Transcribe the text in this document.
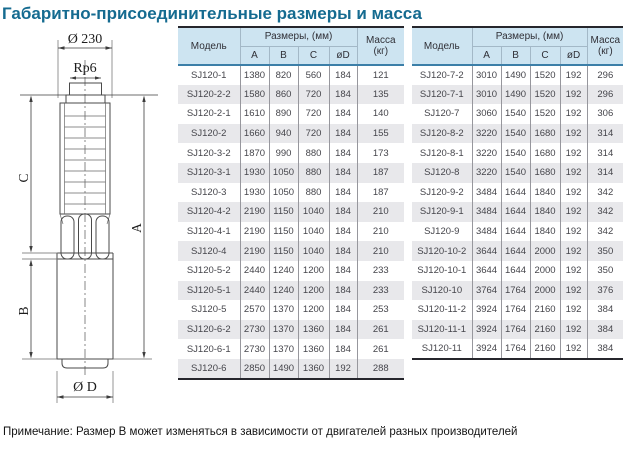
Габаритно-присоединительные размеры и масса
Ø 230
Rp6
C
B
A
Ø D
Модель	Размеры, (мм)				Масса
(кг)
	A	B	C	øD	
SJ120-1	1380	820	560	184	121
SJ120-2-2	1580	860	720	184	135
SJ120-2-1	1610	890	720	184	140
SJ120-2	1660	940	720	184	155
SJ120-3-2	1870	990	880	184	173
SJ120-3-1	1930	1050	880	184	187
SJ120-3	1930	1050	880	184	187
SJ120-4-2	2190	1150	1040	184	210
SJ120-4-1	2190	1150	1040	184	210
SJ120-4	2190	1150	1040	184	210
SJ120-5-2	2440	1240	1200	184	233
SJ120-5-1	2440	1240	1200	184	233
SJ120-5	2570	1370	1200	184	253
SJ120-6-2	2730	1370	1360	184	261
SJ120-6-1	2730	1370	1360	184	261
SJ120-6	2850	1490	1360	192	288
Модель	Размеры, (мм)				Масса
(кг)
	A	B	C	øD	
SJ120-7-2	3010	1490	1520	192	296
SJ120-7-1	3010	1490	1520	192	296
SJ120-7	3060	1540	1520	192	306
SJ120-8-2	3220	1540	1680	192	314
SJ120-8-1	3220	1540	1680	192	314
SJ120-8	3220	1540	1680	192	314
SJ120-9-2	3484	1644	1840	192	342
SJ120-9-1	3484	1644	1840	192	342
SJ120-9	3484	1644	1840	192	342
SJ120-10-2	3644	1644	2000	192	350
SJ120-10-1	3644	1644	2000	192	350
SJ120-10	3764	1764	2000	192	376
SJ120-11-2	3924	1764	2160	192	384
SJ120-11-1	3924	1764	2160	192	384
SJ120-11	3924	1764	2160	192	384
Примечание: Размер B может изменяться в зависимости от двигателей разных производителей
